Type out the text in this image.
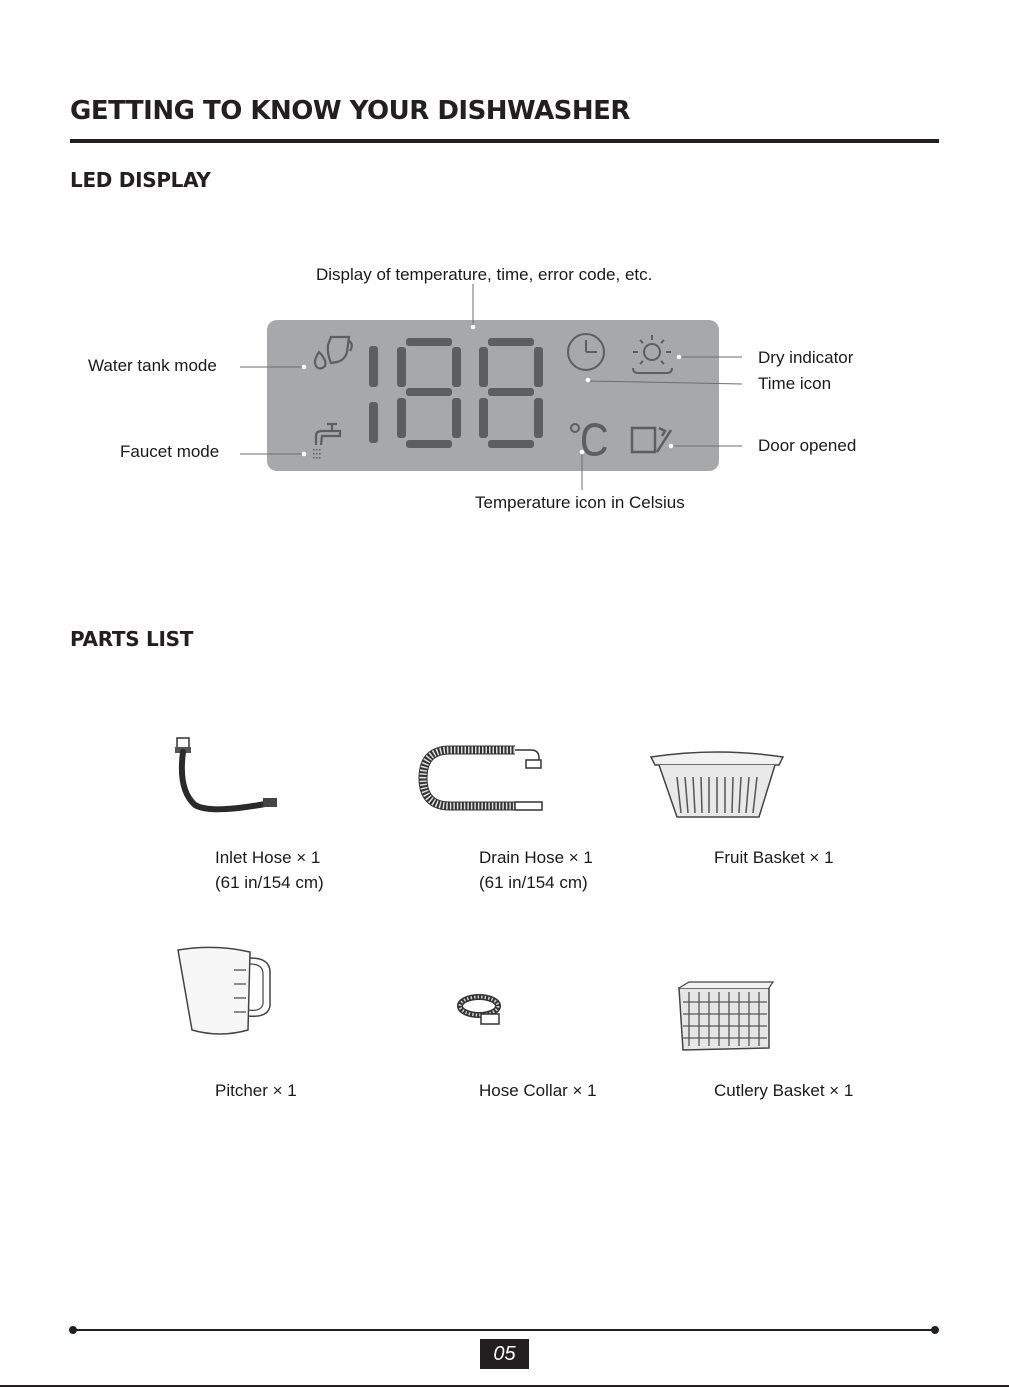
GETTING TO KNOW YOUR DISHWASHER
LED DISPLAY
Display of temperature, time, error code, etc.
Water tank mode
Faucet mode
Dry indicator
Time icon
Door opened
Temperature icon in Celsius
PARTS LIST
Inlet Hose × 1
(61 in/154 cm)
Drain Hose × 1
(61 in/154 cm)
Fruit Basket × 1
Pitcher × 1	Hose Collar × 1	Cutlery Basket × 1
05
